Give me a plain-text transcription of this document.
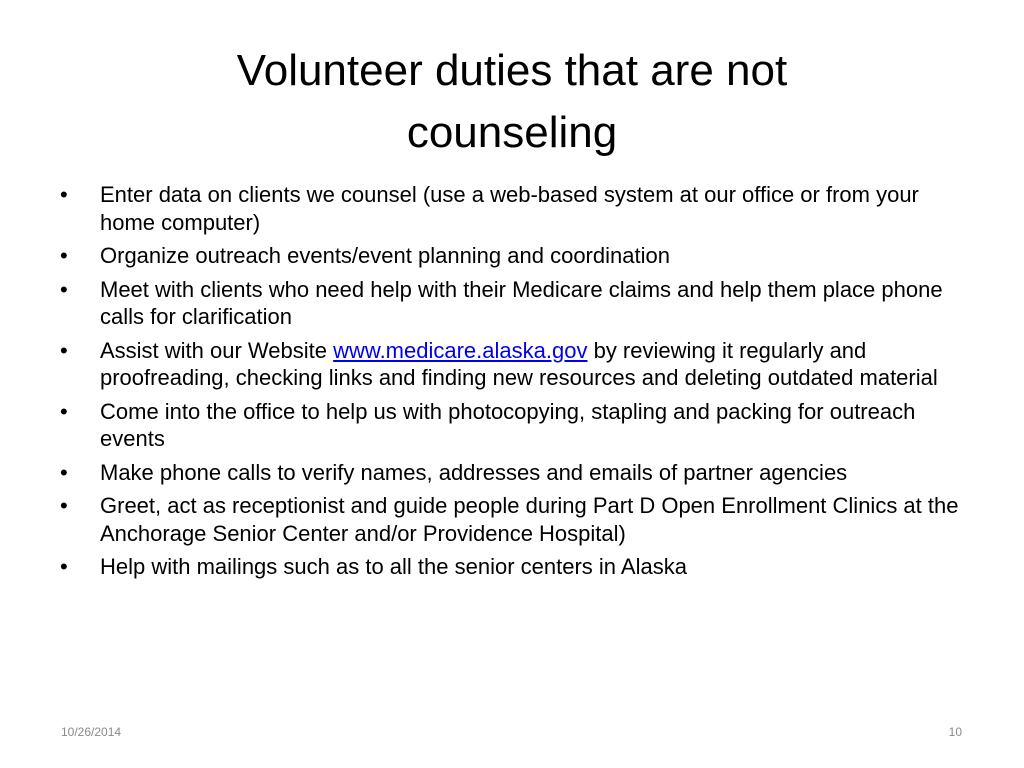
Volunteer duties that are not
counseling
•	Enter data on clients we counsel (use a web-based system at our office or from your home computer)
•	Organize outreach events/event planning and coordination
•	Meet with clients who need help with their Medicare claims and help them place phone calls for clarification
•	Assist with our Website www.medicare.alaska.gov by reviewing it regularly and proofreading, checking links and finding new resources and deleting outdated material
•	Come into the office to help us with photocopying, stapling and packing for outreach events
•	Make phone calls to verify names, addresses and emails of partner agencies
•	Greet, act as receptionist and guide people during Part D Open Enrollment Clinics at the Anchorage Senior Center and/or Providence Hospital)
•	Help with mailings such as to all the senior centers in Alaska
10/26/2014	10
